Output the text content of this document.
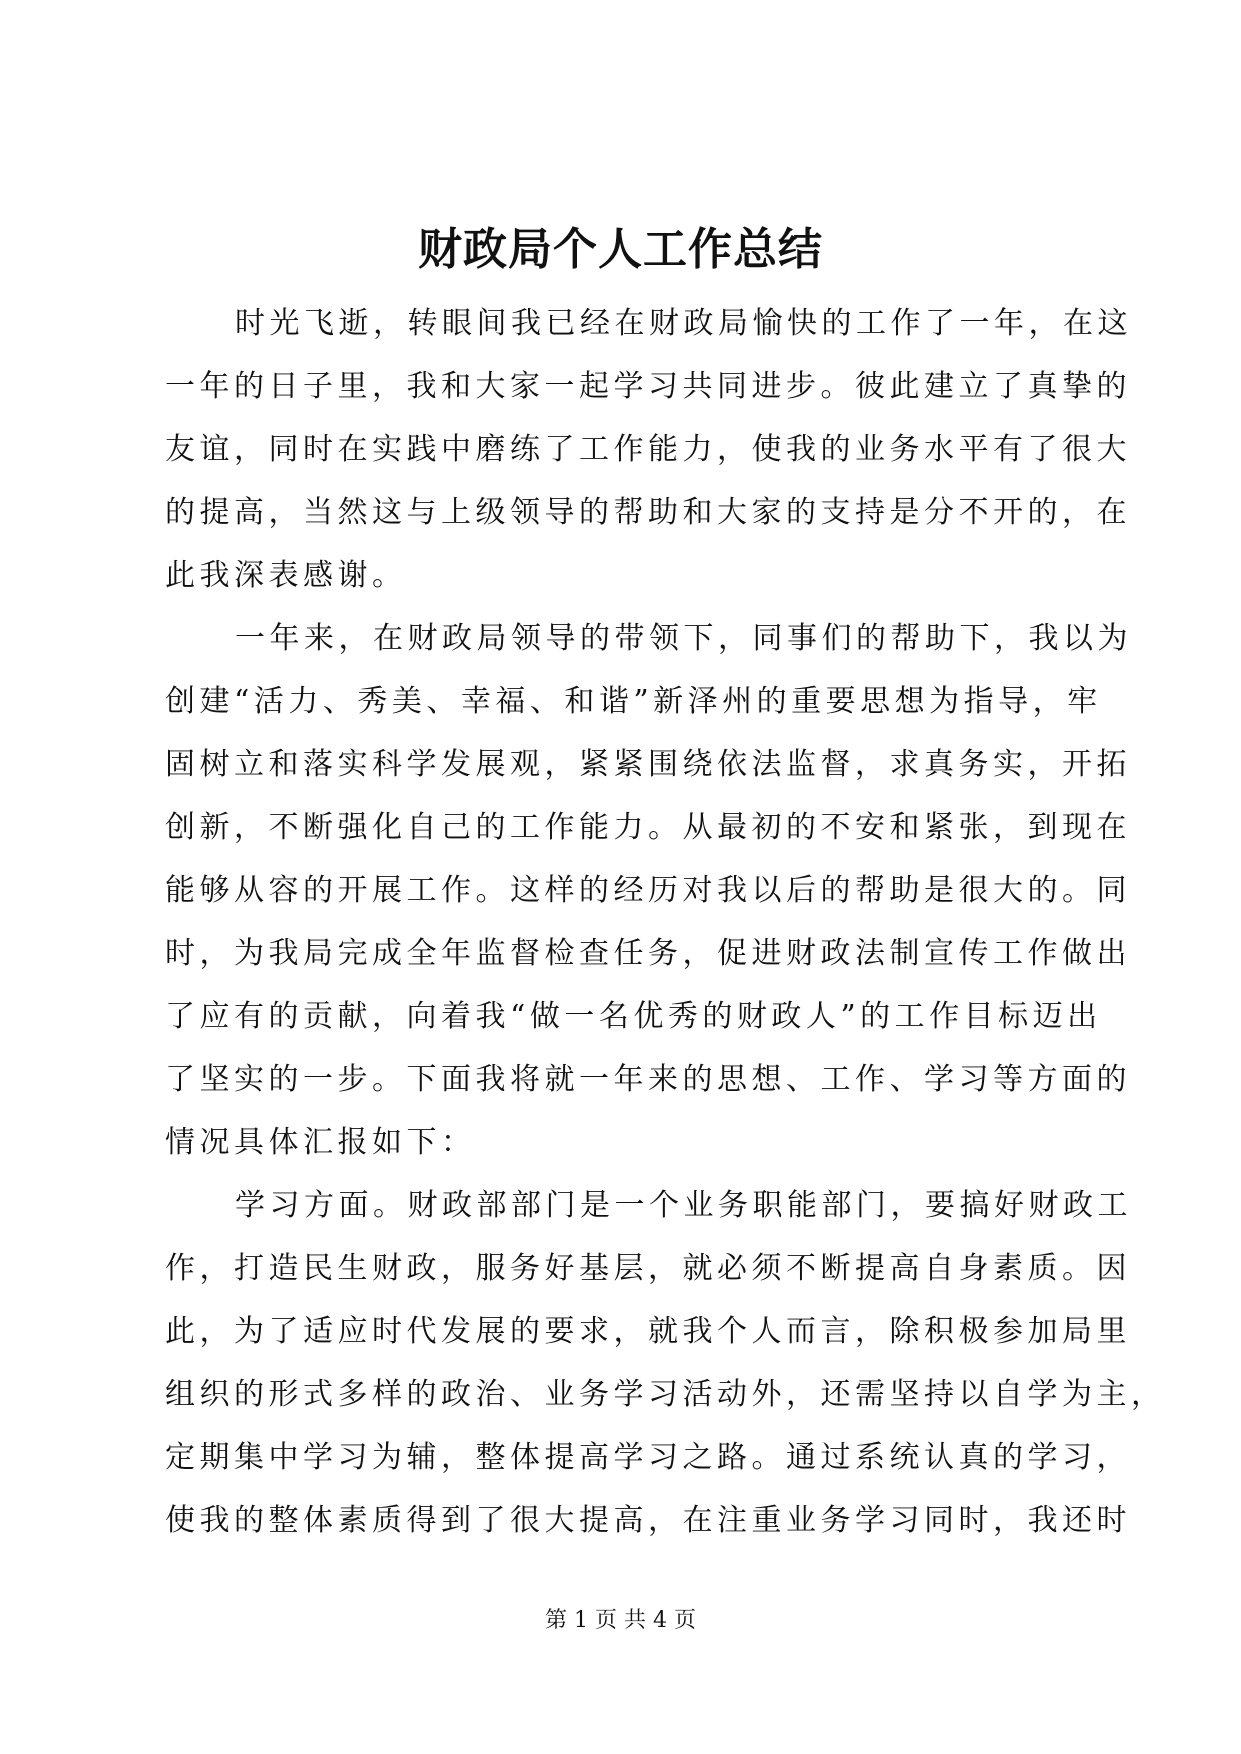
财政局个人工作总结

时光飞逝，转眼间我已经在财政局愉快的工作了一年，在这
一年的日子里，我和大家一起学习共同进步。彼此建立了真挚的
友谊，同时在实践中磨练了工作能力，使我的业务水平有了很大
的提高，当然这与上级领导的帮助和大家的支持是分不开的，在
此我深表感谢。

一年来，在财政局领导的带领下，同事们的帮助下，我以为
创建“活力、秀美、幸福、和谐”新泽州的重要思想为指导，牢
固树立和落实科学发展观，紧紧围绕依法监督，求真务实，开拓
创新，不断强化自己的工作能力。从最初的不安和紧张，到现在
能够从容的开展工作。这样的经历对我以后的帮助是很大的。同
时，为我局完成全年监督检查任务，促进财政法制宣传工作做出
了应有的贡献，向着我“做一名优秀的财政人”的工作目标迈出
了坚实的一步。下面我将就一年来的思想、工作、学习等方面的
情况具体汇报如下：

学习方面。财政部部门是一个业务职能部门，要搞好财政工
作，打造民生财政，服务好基层，就必须不断提高自身素质。因
此，为了适应时代发展的要求，就我个人而言，除积极参加局里
组织的形式多样的政治、业务学习活动外，还需坚持以自学为主，
定期集中学习为辅，整体提高学习之路。通过系统认真的学习，
使我的整体素质得到了很大提高，在注重业务学习同时，我还时

第 1 页 共 4 页
